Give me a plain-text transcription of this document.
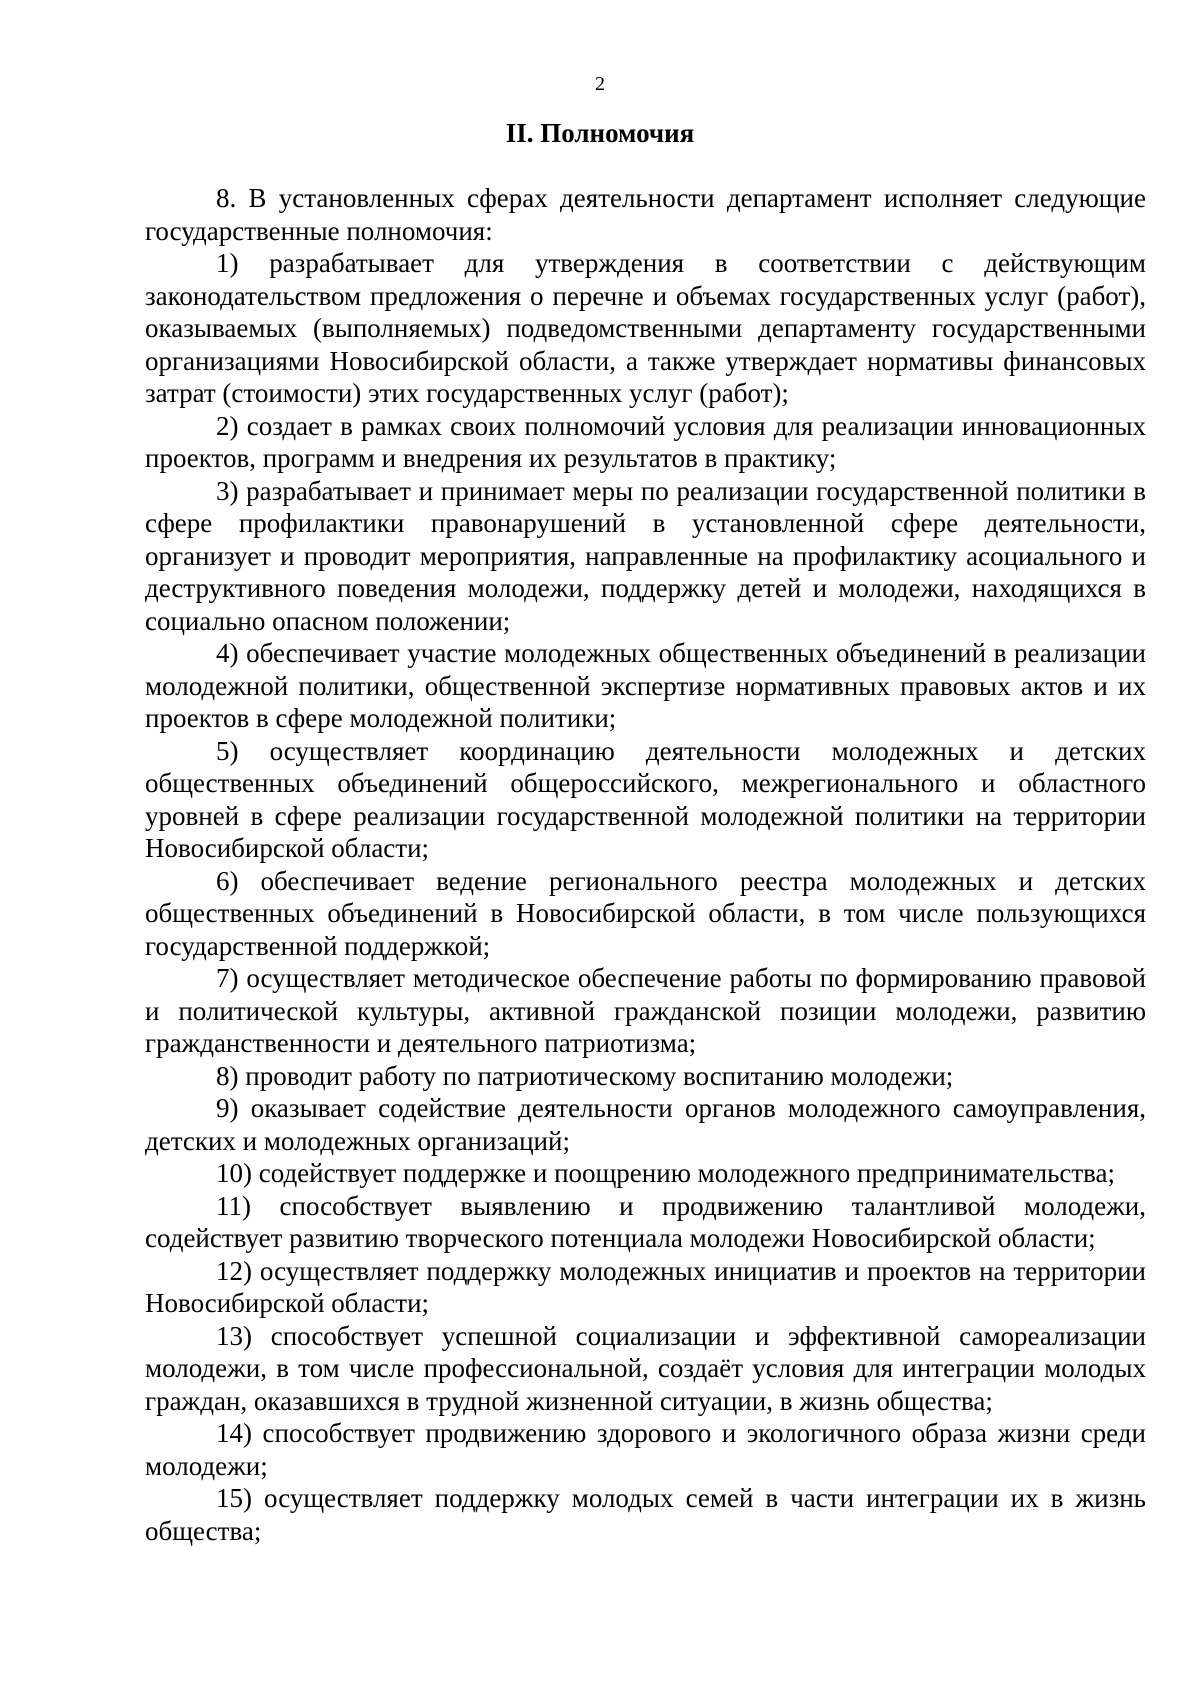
2
II. Полномочия

8. В установленных сферах деятельности департамент исполняет следующие государственные полномочия:

1) разрабатывает для утверждения в соответствии с действующим законодательством предложения о перечне и объемах государственных услуг (работ), оказываемых (выполняемых) подведомственными департаменту государственными организациями Новосибирской области, а также утверждает нормативы финансовых затрат (стоимости) этих государственных услуг (работ);

2) создает в рамках своих полномочий условия для реализации инновационных проектов, программ и внедрения их результатов в практику;

3) разрабатывает и принимает меры по реализации государственной политики в сфере профилактики правонарушений в установленной сфере деятельности, организует и проводит мероприятия, направленные на профилактику асоциального и деструктивного поведения молодежи, поддержку детей и молодежи, находящихся в социально опасном положении;

4) обеспечивает участие молодежных общественных объединений в реализации молодежной политики, общественной экспертизе нормативных правовых актов и их проектов в сфере молодежной политики;

5) осуществляет координацию деятельности молодежных и детских общественных объединений общероссийского, межрегионального и областного уровней в сфере реализации государственной молодежной политики на территории Новосибирской области;

6) обеспечивает ведение регионального реестра молодежных и детских общественных объединений в Новосибирской области, в том числе пользующихся государственной поддержкой;

7) осуществляет методическое обеспечение работы по формированию правовой и политической культуры, активной гражданской позиции молодежи, развитию гражданственности и деятельного патриотизма;

8) проводит работу по патриотическому воспитанию молодежи;

9) оказывает содействие деятельности органов молодежного самоуправления, детских и молодежных организаций;

10) содействует поддержке и поощрению молодежного предпринимательства;

11) способствует выявлению и продвижению талантливой молодежи, содействует развитию творческого потенциала молодежи Новосибирской области;

12) осуществляет поддержку молодежных инициатив и проектов на территории Новосибирской области;

13) способствует успешной социализации и эффективной самореализации молодежи, в том числе профессиональной, создаёт условия для интеграции молодых граждан, оказавшихся в трудной жизненной ситуации, в жизнь общества;

14) способствует продвижению здорового и экологичного образа жизни среди молодежи;

15) осуществляет поддержку молодых семей в части интеграции их в жизнь общества;
